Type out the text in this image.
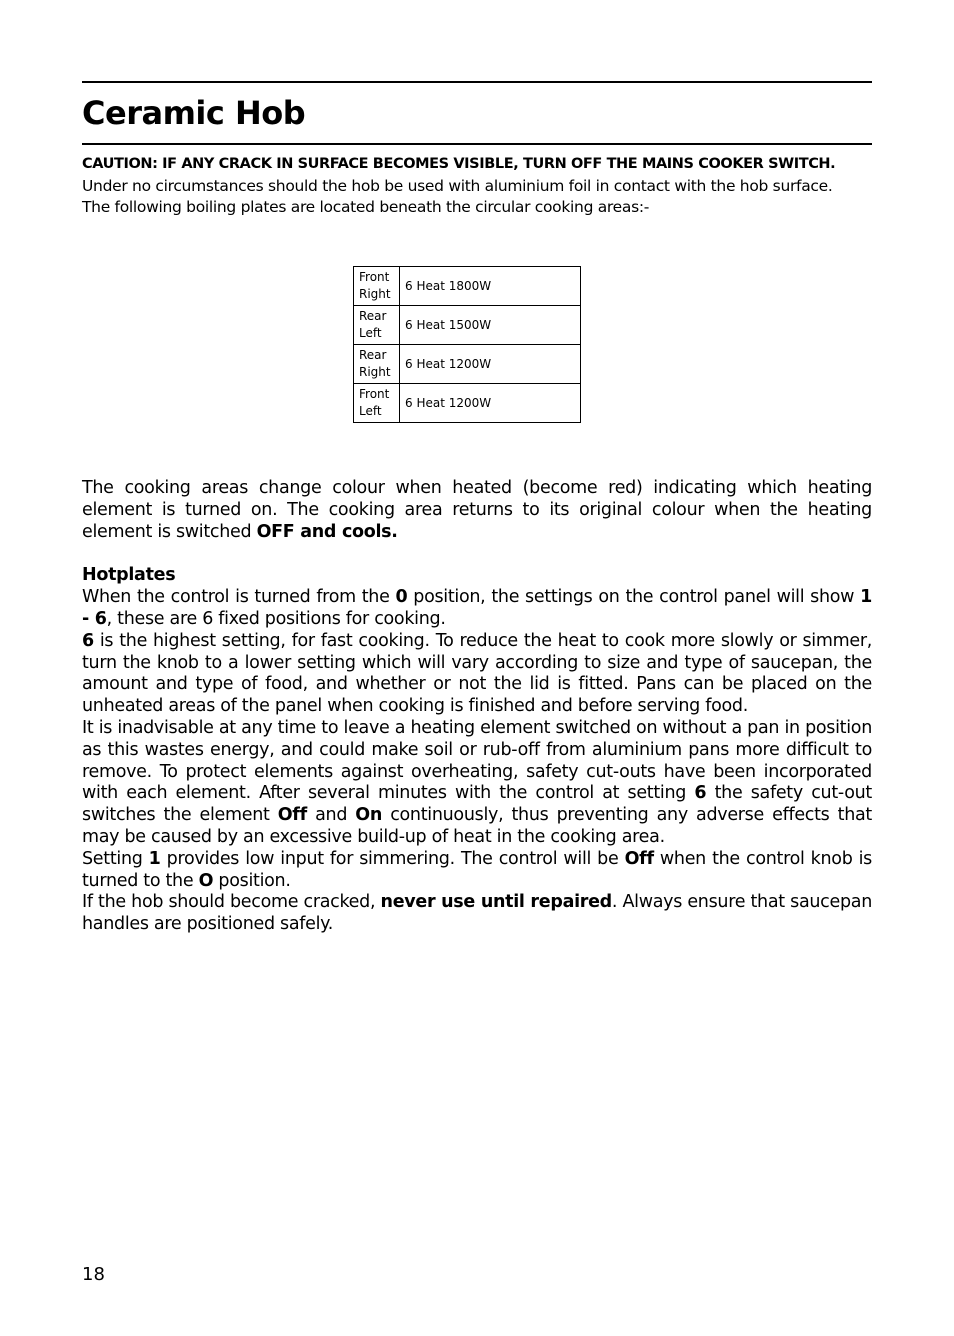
Ceramic Hob

CAUTION: IF ANY CRACK IN SURFACE BECOMES VISIBLE, TURN OFF THE MAINS COOKER SWITCH.

Under no circumstances should the hob be used with aluminium foil in contact with the hob surface.

The following boiling plates are located beneath the circular cooking areas:-

Front
Right	6 Heat 1800W

Rear
Left	6 Heat 1500W

Rear
Right	6 Heat 1200W

Front
Left	6 Heat 1200W

The cooking areas change colour when heated (become red) indicating which heating element is turned on. The cooking area returns to its original colour when the heating element is switched OFF and cools.

Hotplates

When the control is turned from the 0 position, the settings on the control panel will show 1 - 6, these are 6 fixed positions for cooking.

6 is the highest setting, for fast cooking. To reduce the heat to cook more slowly or simmer, turn the knob to a lower setting which will vary according to size and type of saucepan, the amount and type of food, and whether or not the lid is fitted. Pans can be placed on the unheated areas of the panel when cooking is finished and before serving food.

It is inadvisable at any time to leave a heating element switched on without a pan in position as this wastes energy, and could make soil or rub-off from aluminium pans more difficult to remove. To protect elements against overheating, safety cut-outs have been incorporated with each element. After several minutes with the control at setting 6 the safety cut-out switches the element Off and On continuously, thus preventing any adverse effects that may be caused by an excessive build-up of heat in the cooking area.

Setting 1 provides low input for simmering. The control will be Off when the control knob is turned to the O position.

If the hob should become cracked, never use until repaired. Always ensure that saucepan handles are positioned safely.

18
